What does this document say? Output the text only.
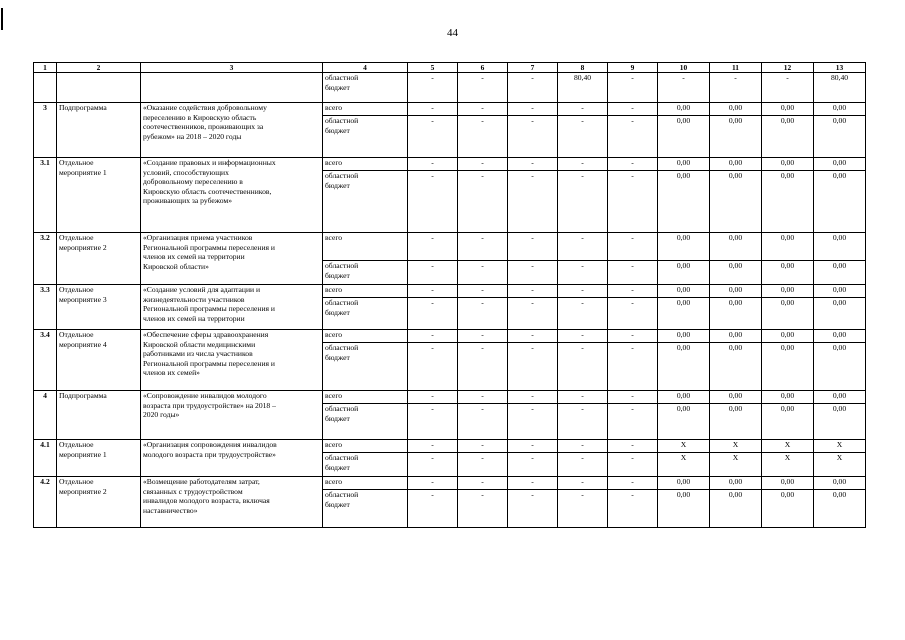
44
1	2	3	4	5	6	7	8	9	10	11	12	13

			областной
бюджет	-	-	-	80,40	-	-	-	-	80,40
3	Подпрограмма	«Оказание содействия добровольному
переселению в Кировскую область
соотечественников, проживающих за
рубежом» на 2018 – 2020 годы	всего	-	-	-	-	-	0,00	0,00	0,00	0,00

			областной
бюджет	-	-	-	-	-	0,00	0,00	0,00	0,00
3.1	Отдельное
мероприятие 1	«Создание правовых и информационных
условий, способствующих
добровольному переселению в
Кировскую область соотечественников,
проживающих за рубежом»	всего	-	-	-	-	-	0,00	0,00	0,00	0,00

			областной
бюджет	-	-	-	-	-	0,00	0,00	0,00	0,00
3.2	Отдельное
мероприятие 2	«Организация приема участников
Региональной программы переселения и
членов их семей на территории
Кировской области»	всего	-	-	-	-	-	0,00	0,00	0,00	0,00

			областной
бюджет	-	-	-	-	-	0,00	0,00	0,00	0,00
3.3	Отдельное
мероприятие 3	«Создание условий для адаптации и
жизнедеятельности участников
Региональной программы переселения и
членов их семей на территории	всего	-	-	-	-	-	0,00	0,00	0,00	0,00

			областной
бюджет	-	-	-	-	-	0,00	0,00	0,00	0,00
3.4	Отдельное
мероприятие 4	«Обеспечение сферы здравоохранения
Кировской области медицинскими
работниками из числа участников
Региональной программы переселения и
членов их семей»	всего	-	-	-	-	-	0,00	0,00	0,00	0,00

			областной
бюджет	-	-	-	-	-	0,00	0,00	0,00	0,00
4	Подпрограмма	«Сопровождение инвалидов молодого
возраста при трудоустройстве» на 2018 –
2020 годы»	всего	-	-	-	-	-	0,00	0,00	0,00	0,00

			областной
бюджет	-	-	-	-	-	0,00	0,00	0,00	0,00
4.1	Отдельное
мероприятие 1	«Организация сопровождения инвалидов
молодого возраста при трудоустройстве»	всего	-	-	-	-	-	X	X	X	X

			областной
бюджет	-	-	-	-	-	X	X	X	X
4.2	Отдельное
мероприятие 2	«Возмещение работодателям затрат,
связанных с трудоустройством
инвалидов молодого возраста, включая
наставничество»	всего	-	-	-	-	-	0,00	0,00	0,00	0,00

			областной
бюджет	-	-	-	-	-	0,00	0,00	0,00	0,00
